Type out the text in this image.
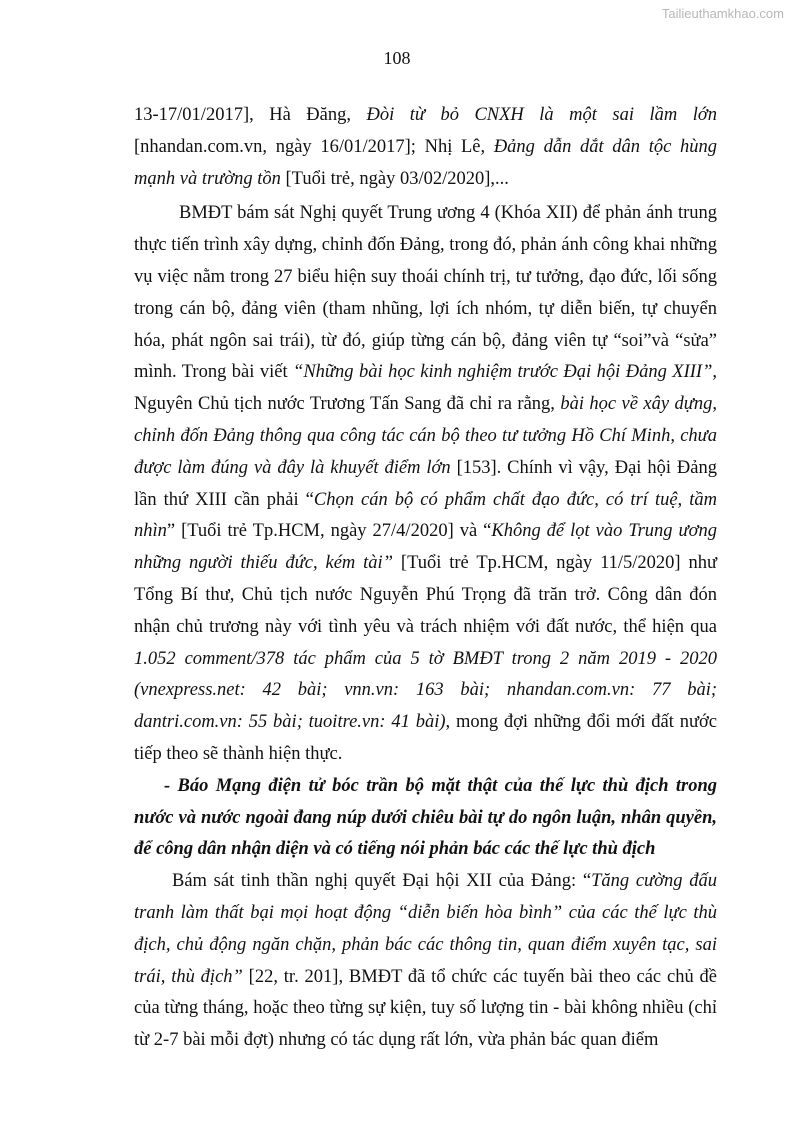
Tailieuthamkhao.com
108

13-17/01/2017], Hà Đăng, Đòi từ bỏ CNXH là một sai lầm lớn [nhandan.com.vn, ngày 16/01/2017]; Nhị Lê, Đảng dẫn dắt dân tộc hùng mạnh và trường tồn [Tuổi trẻ, ngày 03/02/2020],...

BMĐT bám sát Nghị quyết Trung ương 4 (Khóa XII) để phản ánh trung thực tiến trình xây dựng, chỉnh đốn Đảng, trong đó, phản ánh công khai những vụ việc nằm trong 27 biểu hiện suy thoái chính trị, tư tưởng, đạo đức, lối sống trong cán bộ, đảng viên (tham nhũng, lợi ích nhóm, tự diễn biến, tự chuyển hóa, phát ngôn sai trái), từ đó, giúp từng cán bộ, đảng viên tự “soi”và “sửa” mình. Trong bài viết “Những bài học kinh nghiệm trước Đại hội Đảng XIII”, Nguyên Chủ tịch nước Trương Tấn Sang đã chỉ ra rằng, bài học về xây dựng, chỉnh đốn Đảng thông qua công tác cán bộ theo tư tưởng Hồ Chí Minh, chưa được làm đúng và đây là khuyết điểm lớn [153]. Chính vì vậy, Đại hội Đảng lần thứ XIII cần phải “Chọn cán bộ có phẩm chất đạo đức, có trí tuệ, tầm nhìn” [Tuổi trẻ Tp.HCM, ngày 27/4/2020] và “Không để lọt vào Trung ương những người thiếu đức, kém tài” [Tuổi trẻ Tp.HCM, ngày 11/5/2020] như Tổng Bí thư, Chủ tịch nước Nguyễn Phú Trọng đã trăn trở. Công dân đón nhận chủ trương này với tình yêu và trách nhiệm với đất nước, thể hiện qua 1.052 comment/378 tác phẩm của 5 tờ BMĐT trong 2 năm 2019 - 2020 (vnexpress.net: 42 bài; vnn.vn: 163 bài; nhandan.com.vn: 77 bài; dantri.com.vn: 55 bài; tuoitre.vn: 41 bài), mong đợi những đổi mới đất nước tiếp theo sẽ thành hiện thực.

- Báo Mạng điện tử bóc trần bộ mặt thật của thế lực thù địch trong nước và nước ngoài đang núp dưới chiêu bài tự do ngôn luận, nhân quyền, để công dân nhận diện và có tiếng nói phản bác các thế lực thù địch

Bám sát tinh thần nghị quyết Đại hội XII của Đảng: “Tăng cường đấu tranh làm thất bại mọi hoạt động “diễn biến hòa bình” của các thế lực thù địch, chủ động ngăn chặn, phản bác các thông tin, quan điểm xuyên tạc, sai trái, thù địch” [22, tr. 201], BMĐT đã tổ chức các tuyến bài theo các chủ đề của từng tháng, hoặc theo từng sự kiện, tuy số lượng tin - bài không nhiều (chỉ từ 2-7 bài mỗi đợt) nhưng có tác dụng rất lớn, vừa phản bác quan điểm
